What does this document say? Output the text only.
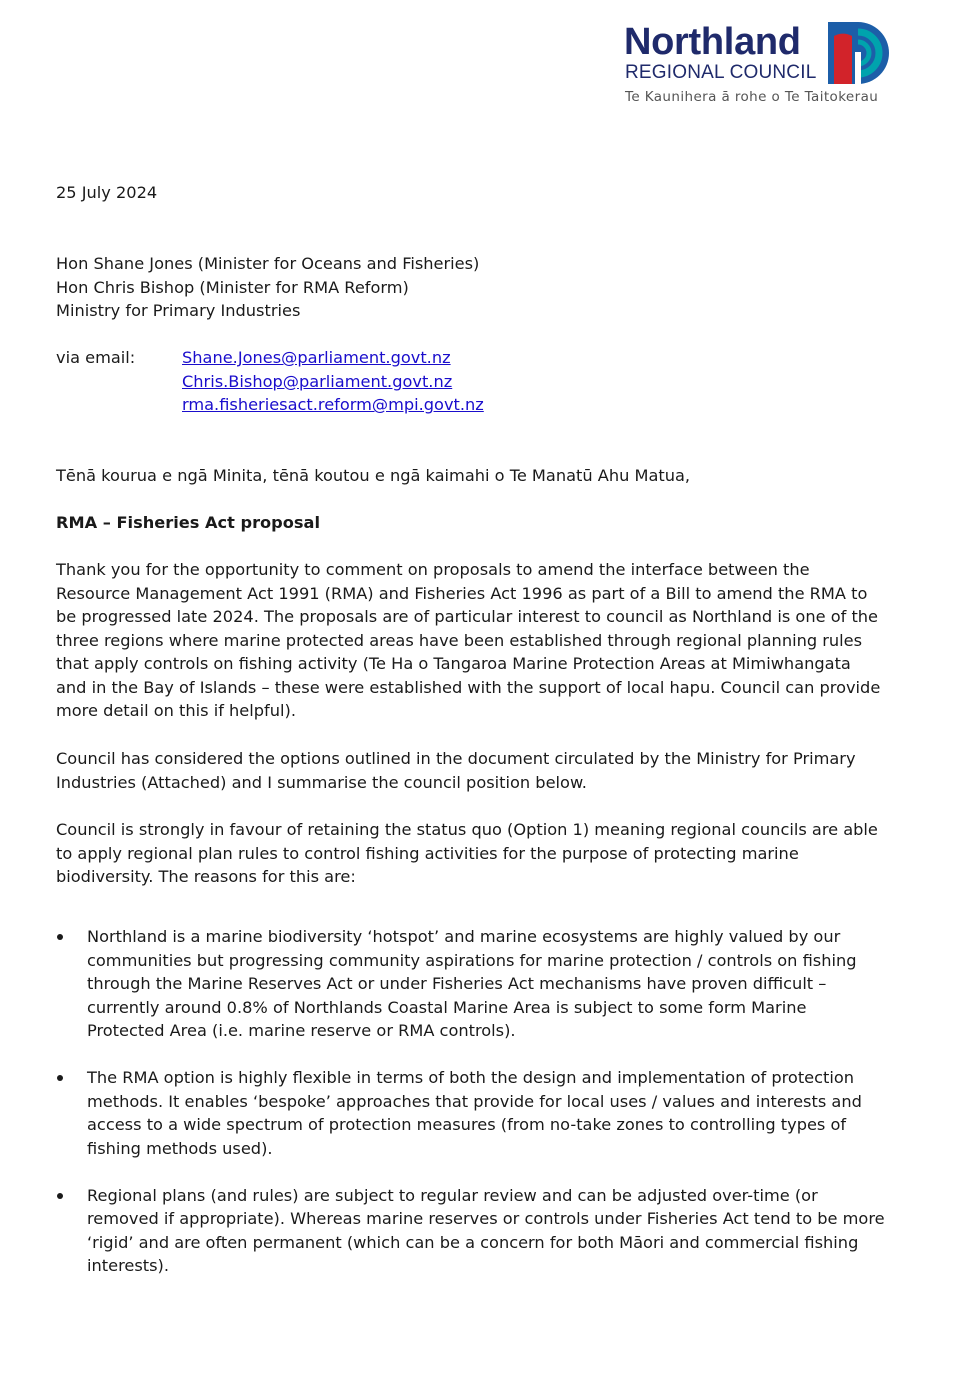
Northland
REGIONAL COUNCIL
Te Kaunihera ā rohe o Te Taitokerau
25 July 2024
Hon Shane Jones (Minister for Oceans and Fisheries)
Hon Chris Bishop (Minister for RMA Reform)
Ministry for Primary Industries
via email:	Shane.Jones@parliament.govt.nz
Chris.Bishop@parliament.govt.nz
rma.fisheriesact.reform@mpi.govt.nz
Tēnā kourua e ngā Minita, tēnā koutou e ngā kaimahi o Te Manatū Ahu Matua,
RMA – Fisheries Act proposal
Thank you for the opportunity to comment on proposals to amend the interface between the Resource Management Act 1991 (RMA) and Fisheries Act 1996 as part of a Bill to amend the RMA to be progressed late 2024. The proposals are of particular interest to council as Northland is one of the three regions where marine protected areas have been established through regional planning rules that apply controls on fishing activity (Te Ha o Tangaroa Marine Protection Areas at Mimiwhangata and in the Bay of Islands – these were established with the support of local hapu. Council can provide more detail on this if helpful).
Council has considered the options outlined in the document circulated by the Ministry for Primary Industries (Attached) and I summarise the council position below.
Council is strongly in favour of retaining the status quo (Option 1) meaning regional councils are able to apply regional plan rules to control fishing activities for the purpose of protecting marine biodiversity. The reasons for this are:
Northland is a marine biodiversity ‘hotspot’ and marine ecosystems are highly valued by our communities but progressing community aspirations for marine protection / controls on fishing through the Marine Reserves Act or under Fisheries Act mechanisms have proven difficult – currently around 0.8% of Northlands Coastal Marine Area is subject to some form Marine Protected Area (i.e. marine reserve or RMA controls).
The RMA option is highly flexible in terms of both the design and implementation of protection methods. It enables ‘bespoke’ approaches that provide for local uses / values and interests and access to a wide spectrum of protection measures (from no-take zones to controlling types of fishing methods used).
Regional plans (and rules) are subject to regular review and can be adjusted over-time (or removed if appropriate). Whereas marine reserves or controls under Fisheries Act tend to be more ‘rigid’ and are often permanent (which can be a concern for both Māori and commercial fishing interests).
